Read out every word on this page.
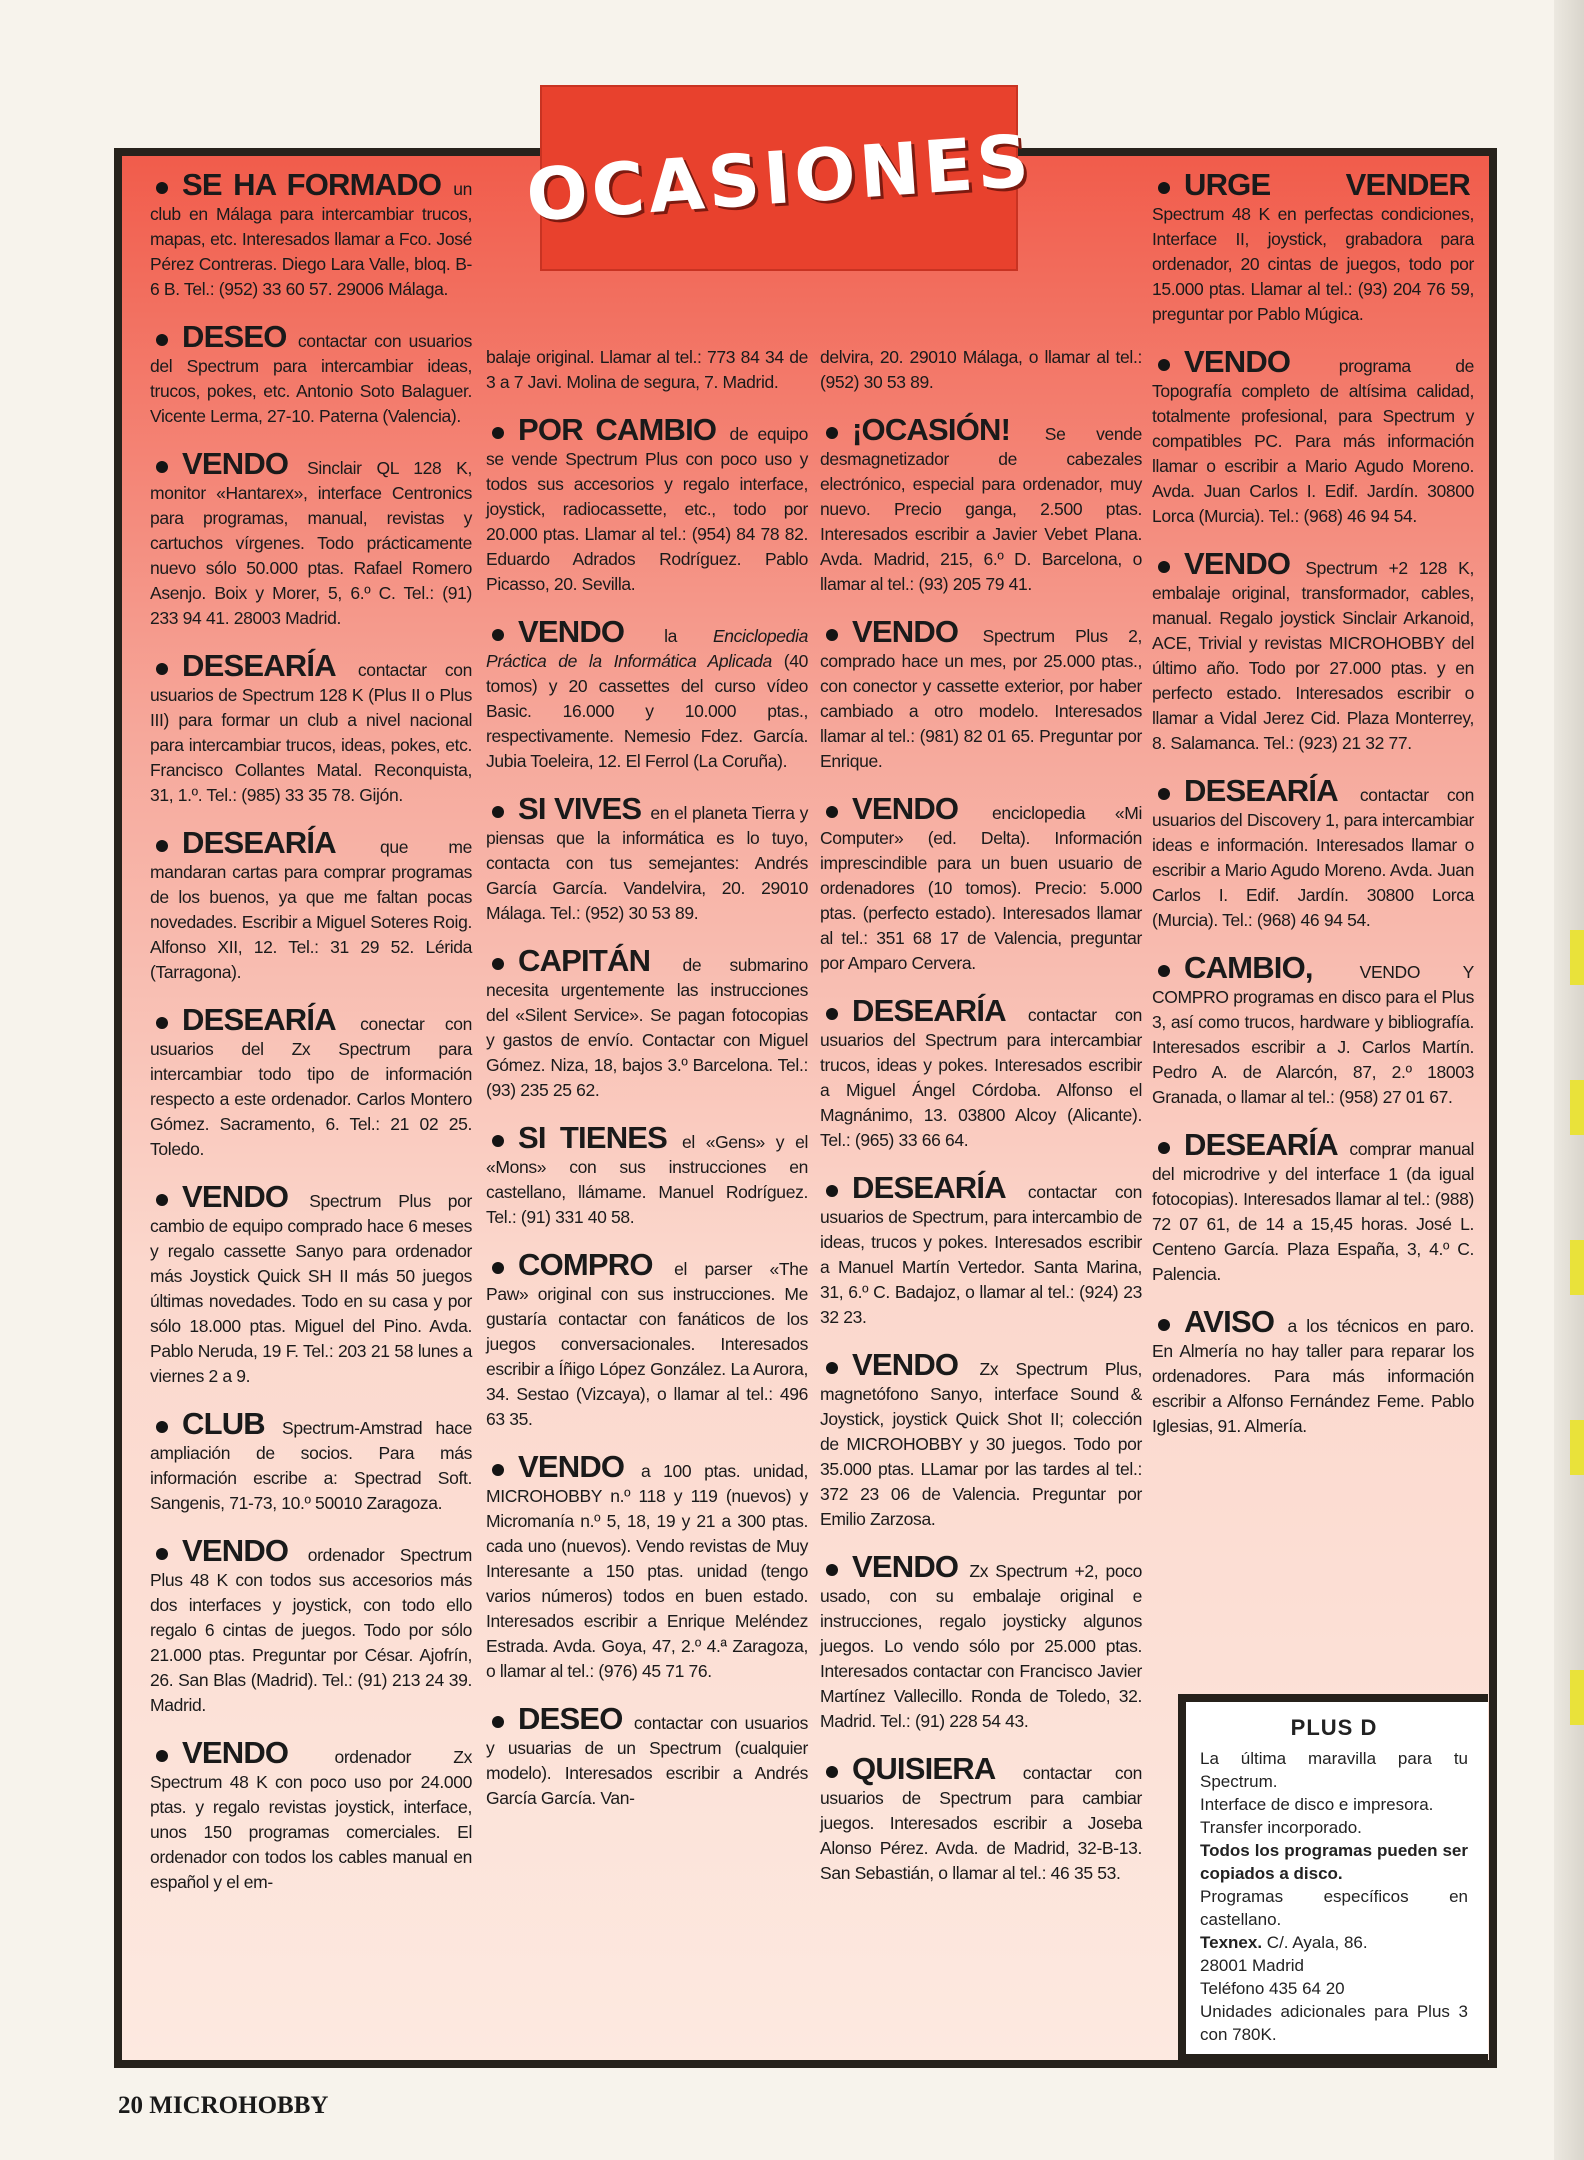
OCASIONES

SE HA FORMADO un club en Málaga para intercambiar trucos, mapas, etc. Interesados llamar a Fco. José Pérez Contreras. Diego Lara Valle, bloq. B-6 B. Tel.: (952) 33 60 57. 29006 Málaga.

DESEO contactar con usuarios del Spectrum para intercambiar ideas, trucos, pokes, etc. Antonio Soto Balaguer. Vicente Lerma, 27-10. Paterna (Valencia).

VENDO Sinclair QL 128 K, monitor «Hantarex», interface Centronics para programas, manual, revistas y cartuchos vírgenes. Todo prácticamente nuevo sólo 50.000 ptas. Rafael Romero Asenjo. Boix y Morer, 5, 6.º C. Tel.: (91) 233 94 41. 28003 Madrid.

DESEARÍA contactar con usuarios de Spectrum 128 K (Plus II o Plus III) para formar un club a nivel nacional para intercambiar trucos, ideas, pokes, etc. Francisco Collantes Matal. Reconquista, 31, 1.º. Tel.: (985) 33 35 78. Gijón.

DESEARÍA	que me mandaran cartas para comprar programas de los buenos, ya que me faltan pocas novedades. Escribir a Miguel Soteres Roig. Alfonso XII, 12. Tel.: 31 29 52. Lérida (Tarragona).

DESEARÍA conectar con usuarios del Zx Spectrum para intercambiar todo tipo de información respecto a este ordenador. Carlos Montero Gómez. Sacramento, 6. Tel.: 21 02 25. Toledo.

VENDO Spectrum Plus por cambio de equipo comprado hace 6 meses y regalo cassette Sanyo para ordenador más Joystick Quick SH II más 50 juegos últimas novedades. Todo en su casa y por sólo 18.000 ptas. Miguel del Pino. Avda. Pablo Neruda, 19 F. Tel.: 203 21 58 lunes a viernes 2 a 9.

CLUB Spectrum-Amstrad hace ampliación de socios. Para más información escribe a: Spectrad Soft. Sangenis, 71-73, 10.º 50010 Zaragoza.

VENDO ordenador Spectrum Plus 48 K con todos sus accesorios más dos interfaces y joystick, con todo ello regalo 6 cintas de juegos. Todo por sólo 21.000 ptas. Preguntar por César. Ajofrín, 26. San Blas (Madrid). Tel.: (91) 213 24 39. Madrid.

VENDO	ordenador Zx Spectrum 48 K con poco uso por 24.000 ptas. y regalo revistas joystick, interface, unos 150 programas comerciales. El ordenador con todos los cables manual en español y el em-

balaje original. Llamar al tel.: 773 84 34 de 3 a 7 Javi. Molina de segura, 7. Madrid.

POR CAMBIO de equipo se vende Spectrum Plus con poco uso y todos sus accesorios y regalo interface, joystick, radiocassette, etc., todo por 20.000 ptas. Llamar al tel.: (954) 84 78 82. Eduardo Adrados Rodríguez. Pablo Picasso, 20. Sevilla.

VENDO la Enciclopedia Práctica de la Informática Aplicada (40 tomos) y 20 cassettes del curso vídeo Basic. 16.000 y 10.000 ptas., respectivamente. Nemesio Fdez. García. Jubia Toeleira, 12. El Ferrol (La Coruña).

SI VIVES en el planeta Tierra y piensas que la informática es lo tuyo, contacta con tus semejantes: Andrés García García. Vandelvira, 20. 29010 Málaga. Tel.: (952) 30 53 89.

CAPITÁN de submarino necesita urgentemente las instrucciones del «Silent Service». Se pagan fotocopias y gastos de envío. Contactar con Miguel Gómez. Niza, 18, bajos 3.º Barcelona. Tel.: (93) 235 25 62.

SI TIENES el «Gens» y el «Mons» con sus instrucciones en castellano, llámame. Manuel Rodríguez. Tel.: (91) 331 40 58.

COMPRO el parser «The Paw» original con sus instrucciones. Me gustaría contactar con fanáticos de los juegos conversacionales. Interesados escribir a Íñigo López González. La Aurora, 34. Sestao (Vizcaya), o llamar al tel.: 496 63 35.

VENDO a 100 ptas. unidad, MICROHOBBY n.º 118 y 119 (nuevos) y Micromanía n.º 5, 18, 19 y 21 a 300 ptas. cada uno (nuevos). Vendo revistas de Muy Interesante a 150 ptas. unidad (tengo varios números) todos en buen estado. Interesados escribir a Enrique Meléndez Estrada. Avda. Goya, 47, 2.º 4.ª Zaragoza, o llamar al tel.: (976) 45 71 76.

DESEO contactar con usuarios y usuarias de un Spectrum (cualquier modelo). Interesados escribir a Andrés García García. Van-

delvira, 20. 29010 Málaga, o llamar al tel.: (952) 30 53 89.

¡OCASIÓN! Se vende desmagnetizador de cabezales electrónico, especial para ordenador, muy nuevo. Precio ganga, 2.500 ptas. Interesados escribir a Javier Vebet Plana. Avda. Madrid, 215, 6.º D. Barcelona, o llamar al tel.: (93) 205 79 41.

VENDO Spectrum Plus 2, comprado hace un mes, por 25.000 ptas., con conector y cassette exterior, por haber cambiado a otro modelo. Interesados llamar al tel.: (981) 82 01 65. Preguntar por Enrique.

VENDO enciclopedia «Mi Computer» (ed. Delta). Información imprescindible para un buen usuario de ordenadores (10 tomos). Precio: 5.000 ptas. (perfecto estado). Interesados llamar al tel.: 351 68 17 de Valencia, preguntar por Amparo Cervera.

DESEARÍA contactar con usuarios del Spectrum para intercambiar trucos, ideas y pokes. Interesados escribir a Miguel Ángel Córdoba. Alfonso el Magnánimo, 13. 03800 Alcoy (Alicante). Tel.: (965) 33 66 64.

DESEARÍA contactar con usuarios de Spectrum, para intercambio de ideas, trucos y pokes. Interesados escribir a Manuel Martín Vertedor. Santa Marina, 31, 6.º C. Badajoz, o llamar al tel.: (924) 23 32 23.

VENDO Zx Spectrum Plus, magnetófono Sanyo, interface Sound & Joystick, joystick Quick Shot II; colección de MICROHOBBY y 30 juegos. Todo por 35.000 ptas. LLamar por las tardes al tel.: 372 23 06 de Valencia. Preguntar por Emilio Zarzosa.

VENDO Zx Spectrum +2, poco usado, con su embalaje original e instrucciones, regalo joysticky algunos juegos. Lo vendo sólo por 25.000 ptas. Interesados contactar con Francisco Javier Martínez Vallecillo. Ronda de Toledo, 32. Madrid. Tel.: (91) 228 54 43.

QUISIERA contactar con usuarios de Spectrum para cambiar juegos. Interesados escribir a Joseba Alonso Pérez. Avda. de Madrid, 32-B-13. San Sebastián, o llamar al tel.: 46 35 53.

URGE VENDER Spectrum 48 K en perfectas condiciones, Interface II, joystick, grabadora para ordenador, 20 cintas de juegos, todo por 15.000 ptas. Llamar al tel.: (93) 204 76 59, preguntar por Pablo Múgica.

VENDO	programa de Topografía completo de altísima calidad, totalmente profesional, para Spectrum y compatibles PC. Para más información llamar o escribir a Mario Agudo Moreno. Avda. Juan Carlos I. Edif. Jardín. 30800 Lorca (Murcia). Tel.: (968) 46 94 54.

VENDO Spectrum +2 128 K, embalaje original, transformador, cables, manual. Regalo joystick Sinclair Arkanoid, ACE, Trivial y revistas MICROHOBBY del último año. Todo por 27.000 ptas. y en perfecto estado. Interesados escribir o llamar a Vidal Jerez Cid. Plaza Monterrey, 8. Salamanca. Tel.: (923) 21 32 77.

DESEARÍA contactar con usuarios del Discovery 1, para intercambiar ideas e información. Interesados llamar o escribir a Mario Agudo Moreno. Avda. Juan Carlos I. Edif. Jardín. 30800 Lorca (Murcia). Tel.: (968) 46 94 54.

CAMBIO,	VENDO Y COMPRO programas en disco para el Plus 3, así como trucos, hardware y bibliografía. Interesados escribir a J. Carlos Martín. Pedro A. de Alarcón, 87, 2.º 18003 Granada, o llamar al tel.: (958) 27 01 67.

DESEARÍA comprar manual del microdrive y del interface 1 (da igual fotocopias). Interesados llamar al tel.: (988) 72 07 61, de 14 a 15,45 horas. José L. Centeno García. Plaza España, 3, 4.º C. Palencia.

AVISO a los técnicos en paro. En Almería no hay taller para reparar los ordenadores. Para más información escribir a Alfonso Fernández Feme. Pablo Iglesias, 91. Almería.

PLUS D
La última maravilla para tu Spectrum.
Interface de disco e impresora.
Transfer incorporado.
Todos los programas pueden ser copiados a disco.
Programas específicos en castellano.
Texnex. C/. Ayala, 86.
28001 Madrid
Teléfono 435 64 20
Unidades adicionales para Plus 3 con 780K.
20 MICROHOBBY
